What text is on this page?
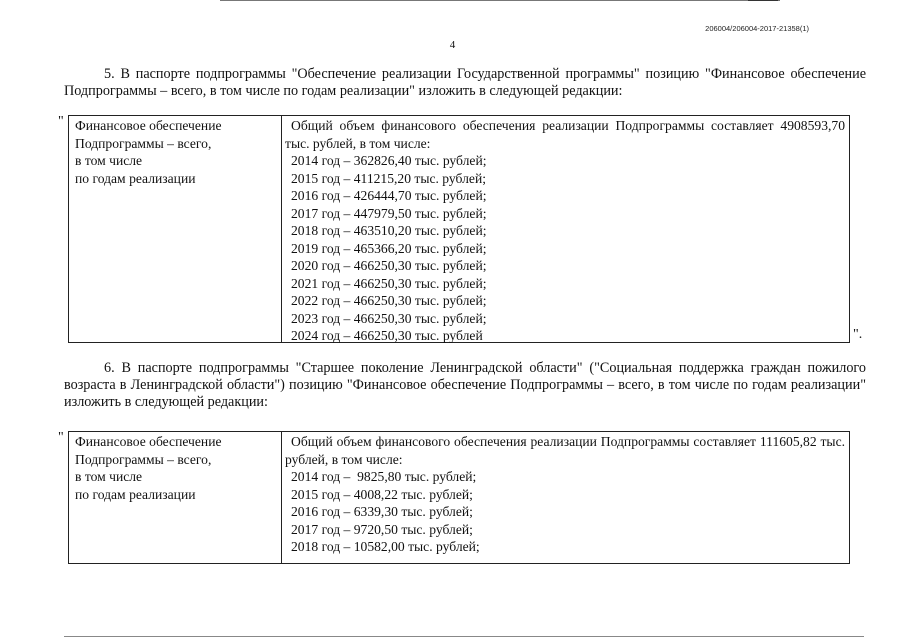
206004/206004-2017-21358(1)
4
5. В паспорте подпрограммы "Обеспечение реализации Государственной программы" позицию "Финансовое обеспечение Подпрограммы – всего, в том числе по годам реализации" изложить в следующей редакции:
" Финансовое обеспечение
Подпрограммы – всего,
в том числе
по годам реализации
Общий объем финансового обеспечения реализации Подпрограммы составляет 4908593,70 тыс. рублей, в том числе:
2014 год – 362826,40 тыс. рублей;
2015 год – 411215,20 тыс. рублей;
2016 год – 426444,70 тыс. рублей;
2017 год – 447979,50 тыс. рублей;
2018 год – 463510,20 тыс. рублей;
2019 год – 465366,20 тыс. рублей;
2020 год – 466250,30 тыс. рублей;
2021 год – 466250,30 тыс. рублей;
2022 год – 466250,30 тыс. рублей;
2023 год – 466250,30 тыс. рублей;
2024 год – 466250,30 тыс. рублей	".
6. В паспорте подпрограммы "Старшее поколение Ленинградской области" ("Социальная поддержка граждан пожилого возраста в Ленинградской области") позицию "Финансовое обеспечение Подпрограммы – всего, в том числе по годам реализации" изложить в следующей редакции:
" Финансовое обеспечение
Подпрограммы – всего,
в том числе
по годам реализации
Общий объем финансового обеспечения реализации Подпрограммы составляет 111605,82 тыс. рублей, в том числе:
2014 год –  9825,80 тыс. рублей;
2015 год – 4008,22 тыс. рублей;
2016 год – 6339,30 тыс. рублей;
2017 год – 9720,50 тыс. рублей;
2018 год – 10582,00 тыс. рублей;
